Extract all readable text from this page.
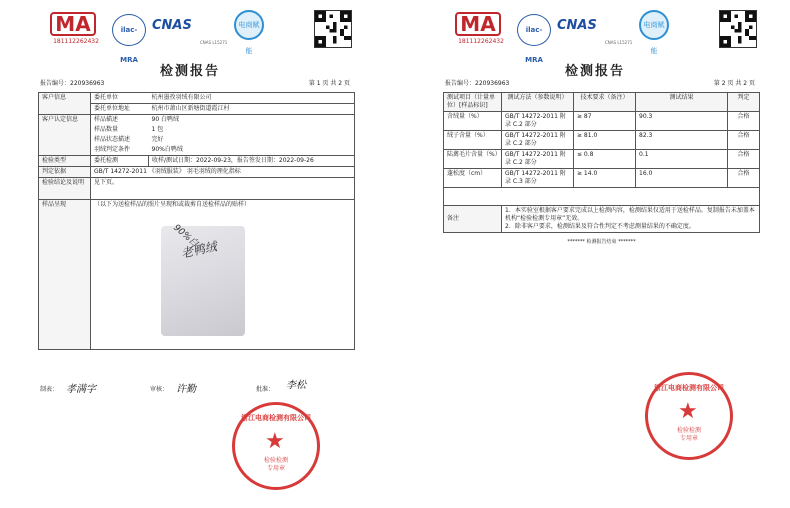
MA
181112262432
ilac-MRA
CNAS
CNAS L15271
电商赋能
检测报告
报告编号：220936963	第 1 页 共 2 页
客户信息	委托单位	杭州墨孜羽绒有限公司
	委托单位地址	杭州市萧山区新塘街道霞江村
客户认定信息	样品描述	90 白鸭绒
	样品数量	1 包
	样品状态描述	完好
	羽绒判定条件	90%白鸭绒
检验类型	委托检测	收样/测试日期：2022-09-23，报告签发日期：2022-09-26
判定依据	GB/T 14272-2011 《羽绒服装》 羽毛羽绒的理化指标	
检验结论及说明	见下页。	
样品呈现	（以下为送检样品的照片呈现和或裁剪自送检样品的贴样）
90%白
老鸭绒	
制表： 孝满字	审核： 许勤	批准： 李松
浙江电商检测有限公司
★
检验检测
专用章
MA
181112262432
ilac-MRA
CNAS
CNAS L15271
电商赋能
检测报告
报告编号：220936963	第 2 页 共 2 页
测试项目（计量单位）[样品标识]	测试方法（参数说明）	技术要求（备注）	测试结果	判定
含绒量（%）	GB/T 14272-2011 附录 C.2 部分	≥ 87	90.3	合格
绒子含量（%）	GB/T 14272-2011 附录 C.2 部分	≥ 81.0	82.3	合格
陆禽毛片含量（%）	GB/T 14272-2011 附录 C.2 部分	≤ 0.8	0.1	合格
蓬松度（cm）	GB/T 14272-2011 附录 C.3 部分	≥ 14.0	16.0	合格

备注	1．本实验室根据客户要求完成以上检测内容，检测结果仅适用于送检样品。复制报告未加盖本机构“检验检测专用章”无效。
2．除非客户要求，检测结果及符合性判定不考虑测量结果的不确定度。			
******* 检测报告结束 *******
浙江电商检测有限公司
★
检验检测
专用章
